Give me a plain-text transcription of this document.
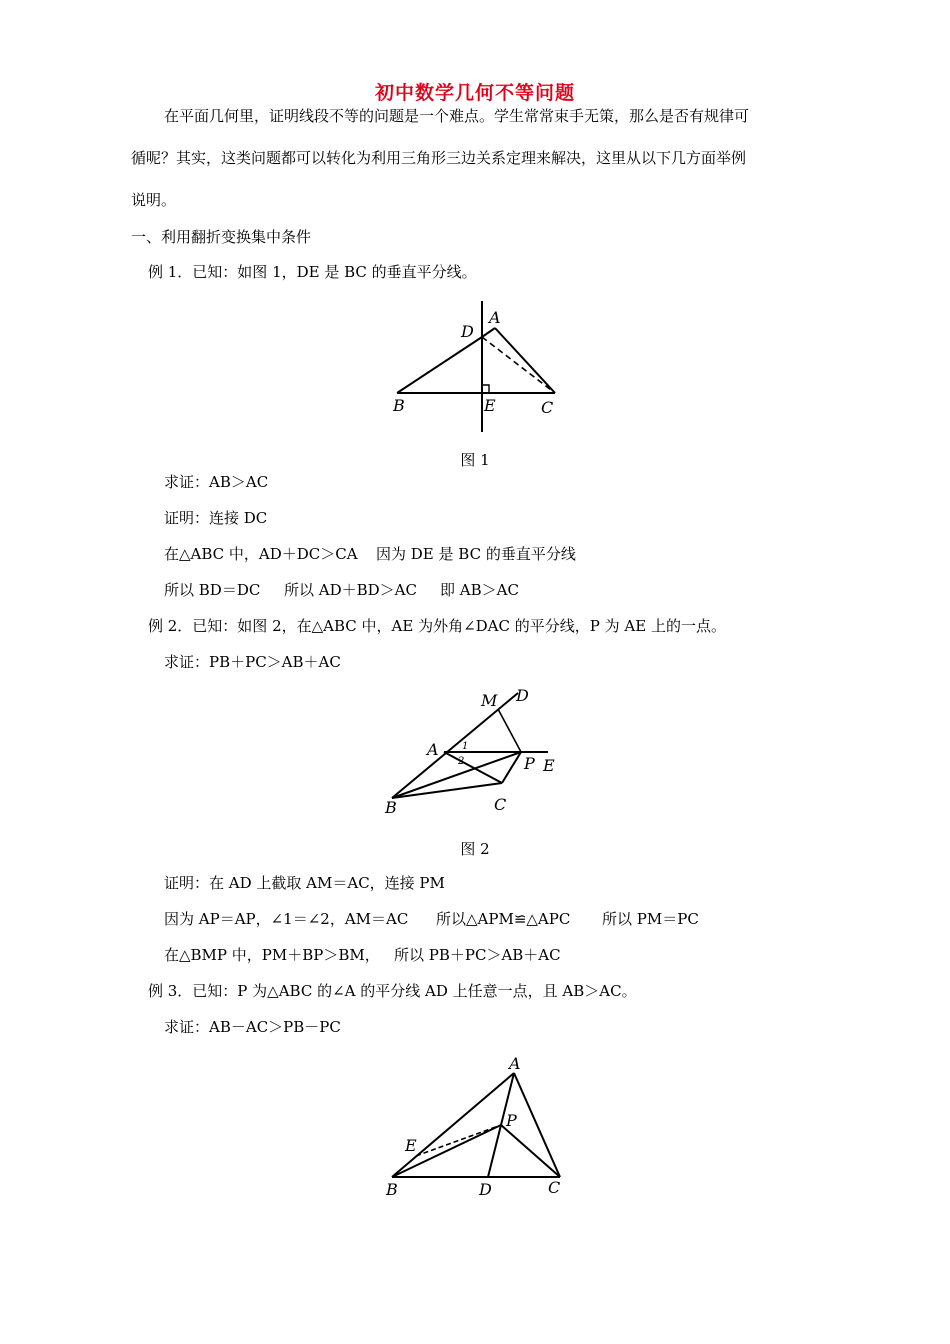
初中数学几何不等问题
在平面几何里，证明线段不等的问题是一个难点。学生常常束手无策，那么是否有规律可
循呢？其实，这类问题都可以转化为利用三角形三边关系定理来解决，这里从以下几方面举例
说明。
一、利用翻折变换集中条件
例 1．已知：如图 1，DE 是 BC 的垂直平分线。
D
A
B	E	C
图 1
求证：AB＞AC
证明：连接 DC
在△ABC 中，AD＋DC＞CA 因为 DE 是 BC 的垂直平分线
所以 BD＝DC 所以 AD＋BD＞AC 即 AB＞AC
例 2．已知：如图 2，在△ABC 中，AE 为外角∠DAC 的平分线，P 为 AE 上的一点。
求证：PB＋PC＞AB＋AC
M D
A
P E
B	C
1
2
图 2
证明：在 AD 上截取 AM＝AC，连接 PM
因为 AP＝AP，∠1＝∠2，AM＝AC 所以△APM≌△APC 所以 PM＝PC
在△BMP 中，PM＋BP＞BM， 所以 PB＋PC＞AB＋AC
例 3．已知：P 为△ABC 的∠A 的平分线 AD 上任意一点，且 AB＞AC。
求证：AB－AC＞PB－PC
A
E
P
B	D	C
